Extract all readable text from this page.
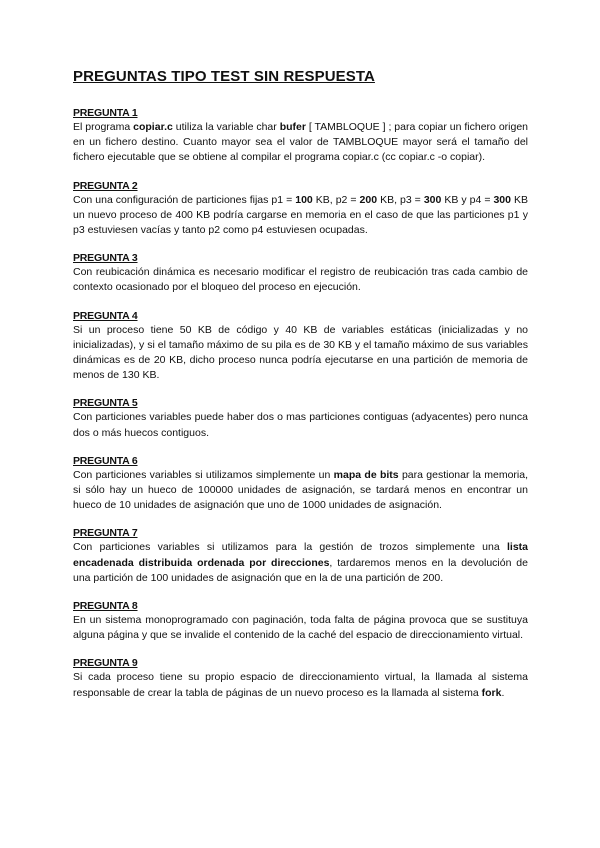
PREGUNTAS TIPO TEST SIN RESPUESTA
PREGUNTA 1

El programa copiar.c utiliza la variable char bufer [ TAMBLOQUE ] ; para copiar un fichero origen en un fichero destino. Cuanto mayor sea el valor de TAMBLOQUE mayor será el tamaño del fichero ejecutable que se obtiene al compilar el programa copiar.c (cc copiar.c -o copiar).

PREGUNTA 2

Con una configuración de particiones fijas p1 = 100 KB, p2 = 200 KB, p3 = 300 KB y p4 = 300 KB un nuevo proceso de 400 KB podría cargarse en memoria en el caso de que las particiones p1 y p3 estuviesen vacías y tanto p2 como p4 estuviesen ocupadas.

PREGUNTA 3

Con reubicación dinámica es necesario modificar el registro de reubicación tras cada cambio de contexto ocasionado por el bloqueo del proceso en ejecución.

PREGUNTA 4

Si un proceso tiene 50 KB de código y 40 KB de variables estáticas (inicializadas y no inicializadas), y si el tamaño máximo de su pila es de 30 KB y el tamaño máximo de sus variables dinámicas es de 20 KB, dicho proceso nunca podría ejecutarse en una partición de memoria de menos de 130 KB.

PREGUNTA 5

Con particiones variables puede haber dos o mas particiones contiguas (adyacentes) pero nunca dos o más huecos contiguos.

PREGUNTA 6

Con particiones variables si utilizamos simplemente un mapa de bits para gestionar la memoria, si sólo hay un hueco de 100000 unidades de asignación, se tardará menos en encontrar un hueco de 10 unidades de asignación que uno de 1000 unidades de asignación.

PREGUNTA 7

Con particiones variables si utilizamos para la gestión de trozos simplemente una lista encadenada distribuida ordenada por direcciones, tardaremos menos en la devolución de una partición de 100 unidades de asignación que en la de una partición de 200.

PREGUNTA 8

En un sistema monoprogramado con paginación, toda falta de página provoca que se sustituya alguna página y que se invalide el contenido de la caché del espacio de direccionamiento virtual.

PREGUNTA 9

Si cada proceso tiene su propio espacio de direccionamiento virtual, la llamada al sistema responsable de crear la tabla de páginas de un nuevo proceso es la llamada al sistema fork.
